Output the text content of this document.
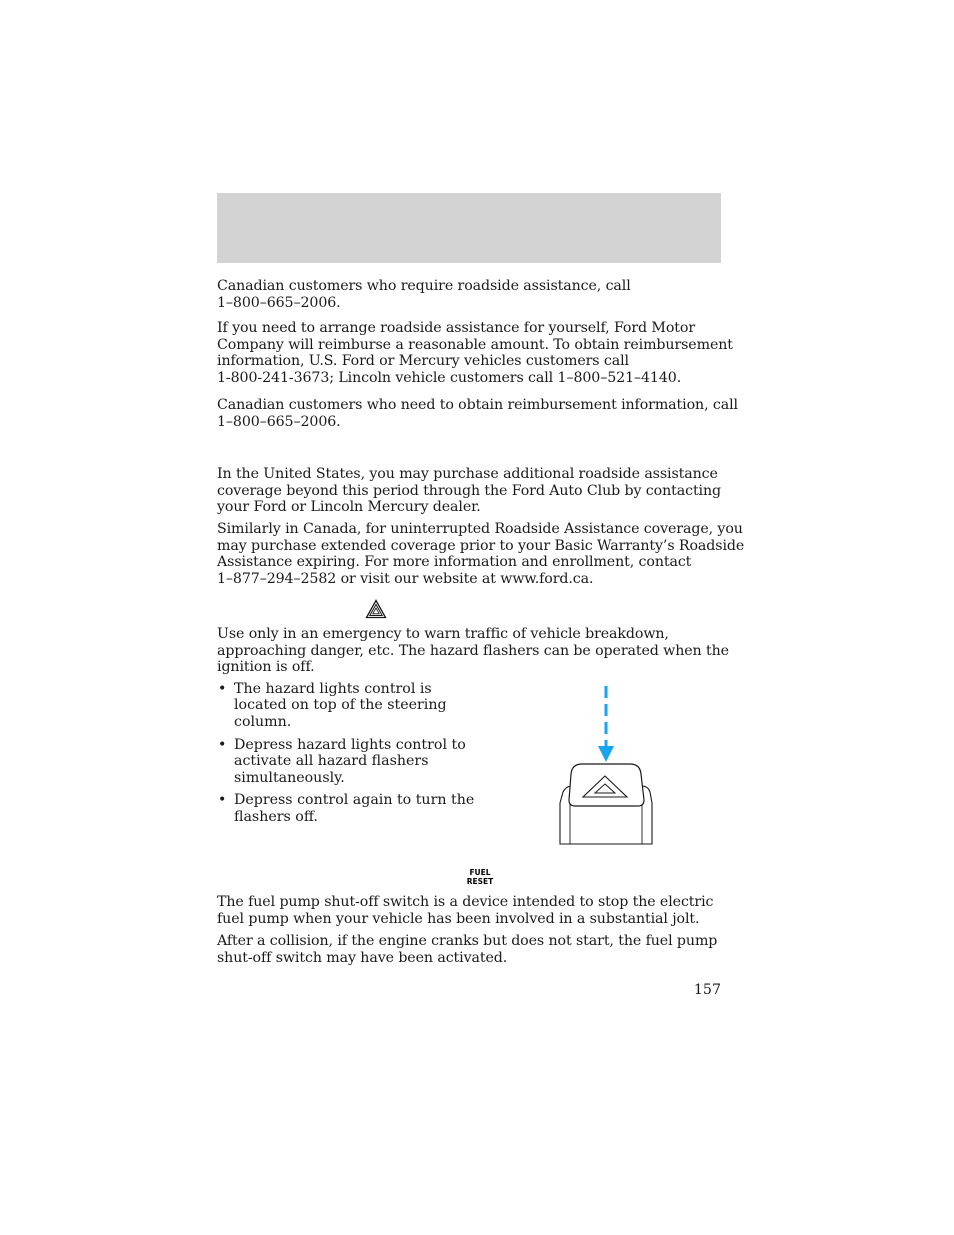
Canadian customers who require roadside assistance, call
1–800–665–2006.

If you need to arrange roadside assistance for yourself, Ford Motor
Company will reimburse a reasonable amount. To obtain reimbursement
information, U.S. Ford or Mercury vehicles customers call
1-800-241-3673; Lincoln vehicle customers call 1–800–521–4140.

Canadian customers who need to obtain reimbursement information, call
1–800–665–2006.

In the United States, you may purchase additional roadside assistance
coverage beyond this period through the Ford Auto Club by contacting
your Ford or Lincoln Mercury dealer.

Similarly in Canada, for uninterrupted Roadside Assistance coverage, you
may purchase extended coverage prior to your Basic Warranty’s Roadside
Assistance expiring. For more information and enrollment, contact
1–877–294–2582 or visit our website at www.ford.ca.

Use only in an emergency to warn traffic of vehicle breakdown,
approaching danger, etc. The hazard flashers can be operated when the
ignition is off.

• The hazard lights control is
located on top of the steering
column.
• Depress hazard lights control to
activate all hazard flashers
simultaneously.
• Depress control again to turn the
flashers off.
FUEL
RESET

The fuel pump shut-off switch is a device intended to stop the electric
fuel pump when your vehicle has been involved in a substantial jolt.

After a collision, if the engine cranks but does not start, the fuel pump
shut-off switch may have been activated.

157
